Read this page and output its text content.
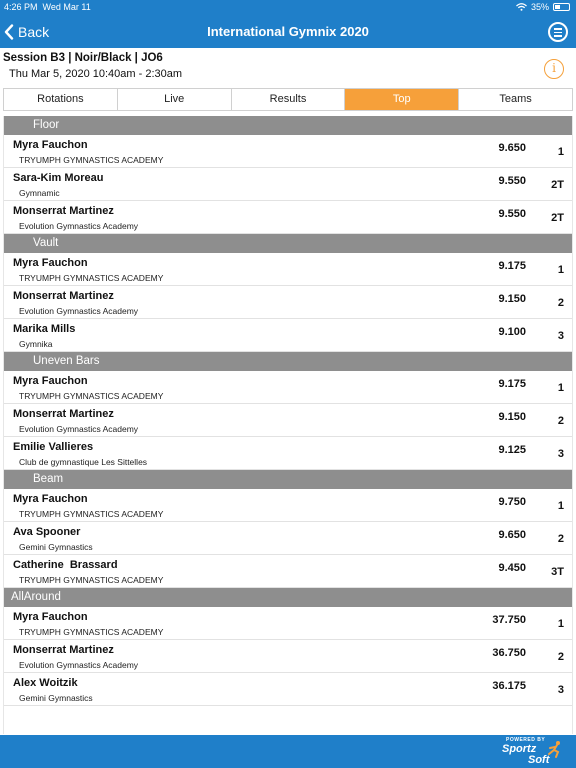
4:26 PM Wed Mar 11	35%
Back	International Gymnix 2020
Session B3 | Noir/Black | JO6
Thu Mar 5, 2020 10:40am - 2:30am	i
Rotations	Live	Results	Top	Teams
Floor
Myra Fauchon
TRYUMPH GYMNASTICS ACADEMY
9.650	1
Sara-Kim Moreau
Gymnamic
9.550 2T
Monserrat Martinez
Evolution Gymnastics Academy
9.550 2T
Vault
Myra Fauchon
TRYUMPH GYMNASTICS ACADEMY
9.175	1
Monserrat Martinez
Evolution Gymnastics Academy
9.150	2
Marika Mills
Gymnika
9.100	3
Uneven Bars
Myra Fauchon
TRYUMPH GYMNASTICS ACADEMY
9.175	1
Monserrat Martinez
Evolution Gymnastics Academy
9.150	2
Emilie Vallieres
Club de gymnastique Les Sittelles
9.125	3
Beam
Myra Fauchon
TRYUMPH GYMNASTICS ACADEMY
9.750	1
Ava Spooner
Gemini Gymnastics
9.650	2
Catherine  Brassard
TRYUMPH GYMNASTICS ACADEMY
9.450 3T
AllAround
Myra Fauchon
TRYUMPH GYMNASTICS ACADEMY
37.750	1
Monserrat Martinez
Evolution Gymnastics Academy
36.750	2
Alex Woitzik
Gemini Gymnastics
36.175	3
POWERED BY
Sportz
Soft
